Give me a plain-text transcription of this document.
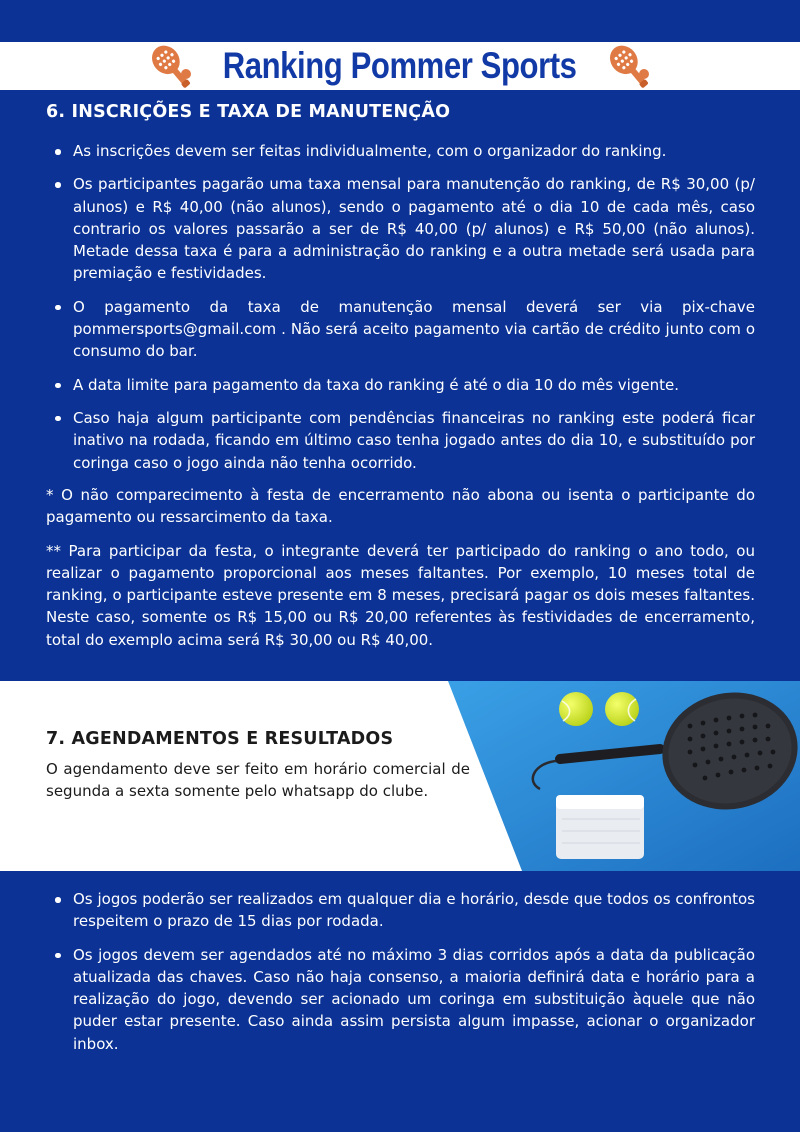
Ranking Pommer Sports
6. INSCRIÇÕES E TAXA DE MANUTENÇÃO
As inscrições devem ser feitas individualmente, com o organizador do ranking.
Os participantes pagarão uma taxa mensal para manutenção do ranking, de R$ 30,00 (p/ alunos) e R$ 40,00 (não alunos), sendo o pagamento até o dia 10 de cada mês, caso contrario os valores passarão a ser de R$ 40,00 (p/ alunos) e R$ 50,00 (não alunos). Metade dessa taxa é para a administração do ranking e a outra metade será usada para premiação e festividades.
O pagamento da taxa de manutenção mensal deverá ser via pix-chave pommersports@gmail.com . Não será aceito pagamento via cartão de crédito junto com o consumo do bar.
A data limite para pagamento da taxa do ranking é até o dia 10 do mês vigente.
Caso haja algum participante com pendências financeiras no ranking este poderá ficar inativo na rodada, ficando em último caso tenha jogado antes do dia 10, e substituído por coringa caso o jogo ainda não tenha ocorrido.

* O não comparecimento à festa de encerramento não abona ou isenta o participante do pagamento ou ressarcimento da taxa.

** Para participar da festa, o integrante deverá ter participado do ranking o ano todo, ou realizar o pagamento proporcional aos meses faltantes. Por exemplo, 10 meses total de ranking, o participante esteve presente em 8 meses, precisará pagar os dois meses faltantes. Neste caso, somente os R$ 15,00 ou R$ 20,00 referentes às festividades de encerramento, total do exemplo acima será R$ 30,00 ou R$ 40,00.

7. AGENDAMENTOS E RESULTADOS

O agendamento deve ser feito em horário comercial de segunda a sexta somente pelo whatsapp do clube.

Os jogos poderão ser realizados em qualquer dia e horário, desde que todos os confrontos respeitem o prazo de 15 dias por rodada.
Os jogos devem ser agendados até no máximo 3 dias corridos após a data da publicação atualizada das chaves. Caso não haja consenso, a maioria definirá data e horário para a realização do jogo, devendo ser acionado um coringa em substituição àquele que não puder estar presente. Caso ainda assim persista algum impasse, acionar o organizador inbox.
